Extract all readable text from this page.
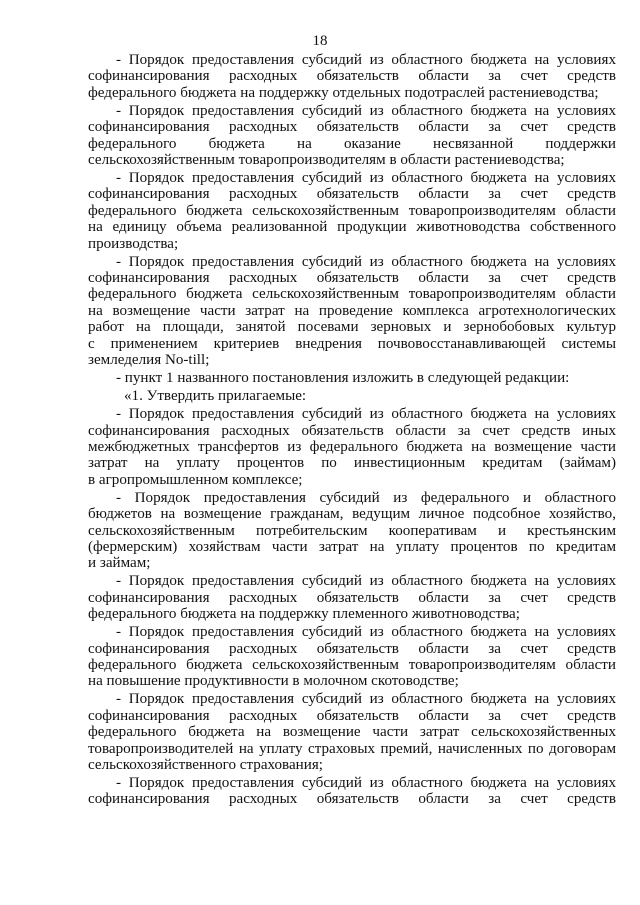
18
- Порядок предоставления субсидий из областного бюджета на условиях
софинансирования расходных обязательств области за счет средств
федерального бюджета на поддержку отдельных подотраслей растениеводства;
- Порядок предоставления субсидий из областного бюджета на условиях
софинансирования расходных обязательств области за счет средств
федерального бюджета на оказание несвязанной поддержки
сельскохозяйственным товаропроизводителям в области растениеводства;
- Порядок предоставления субсидий из областного бюджета на условиях
софинансирования расходных обязательств области за счет средств
федерального бюджета сельскохозяйственным товаропроизводителям области
на единицу объема реализованной продукции животноводства собственного
производства;
- Порядок предоставления субсидий из областного бюджета на условиях
софинансирования расходных обязательств области за счет средств
федерального бюджета сельскохозяйственным товаропроизводителям области
на возмещение части затрат на проведение комплекса агротехнологических
работ на площади, занятой посевами зерновых и зернобобовых культур
с применением критериев внедрения почвовосстанавливающей системы
земледелия No-till;
- пункт 1 названного постановления изложить в следующей редакции:
«1. Утвердить прилагаемые:
- Порядок предоставления субсидий из областного бюджета на условиях
софинансирования расходных обязательств области за счет средств иных
межбюджетных трансфертов из федерального бюджета на возмещение части
затрат на уплату процентов по инвестиционным кредитам (займам)
в агропромышленном комплексе;
- Порядок предоставления субсидий из федерального и областного
бюджетов на возмещение гражданам, ведущим личное подсобное хозяйство,
сельскохозяйственным потребительским кооперативам и крестьянским
(фермерским) хозяйствам части затрат на уплату процентов по кредитам
и займам;
- Порядок предоставления субсидий из областного бюджета на условиях
софинансирования расходных обязательств области за счет средств
федерального бюджета на поддержку племенного животноводства;
- Порядок предоставления субсидий из областного бюджета на условиях
софинансирования расходных обязательств области за счет средств
федерального бюджета сельскохозяйственным товаропроизводителям области
на повышение продуктивности в молочном скотоводстве;
- Порядок предоставления субсидий из областного бюджета на условиях
софинансирования расходных обязательств области за счет средств
федерального бюджета на возмещение части затрат сельскохозяйственных
товаропроизводителей на уплату страховых премий, начисленных по договорам
сельскохозяйственного страхования;
- Порядок предоставления субсидий из областного бюджета на условиях
софинансирования расходных обязательств области за счет средств
